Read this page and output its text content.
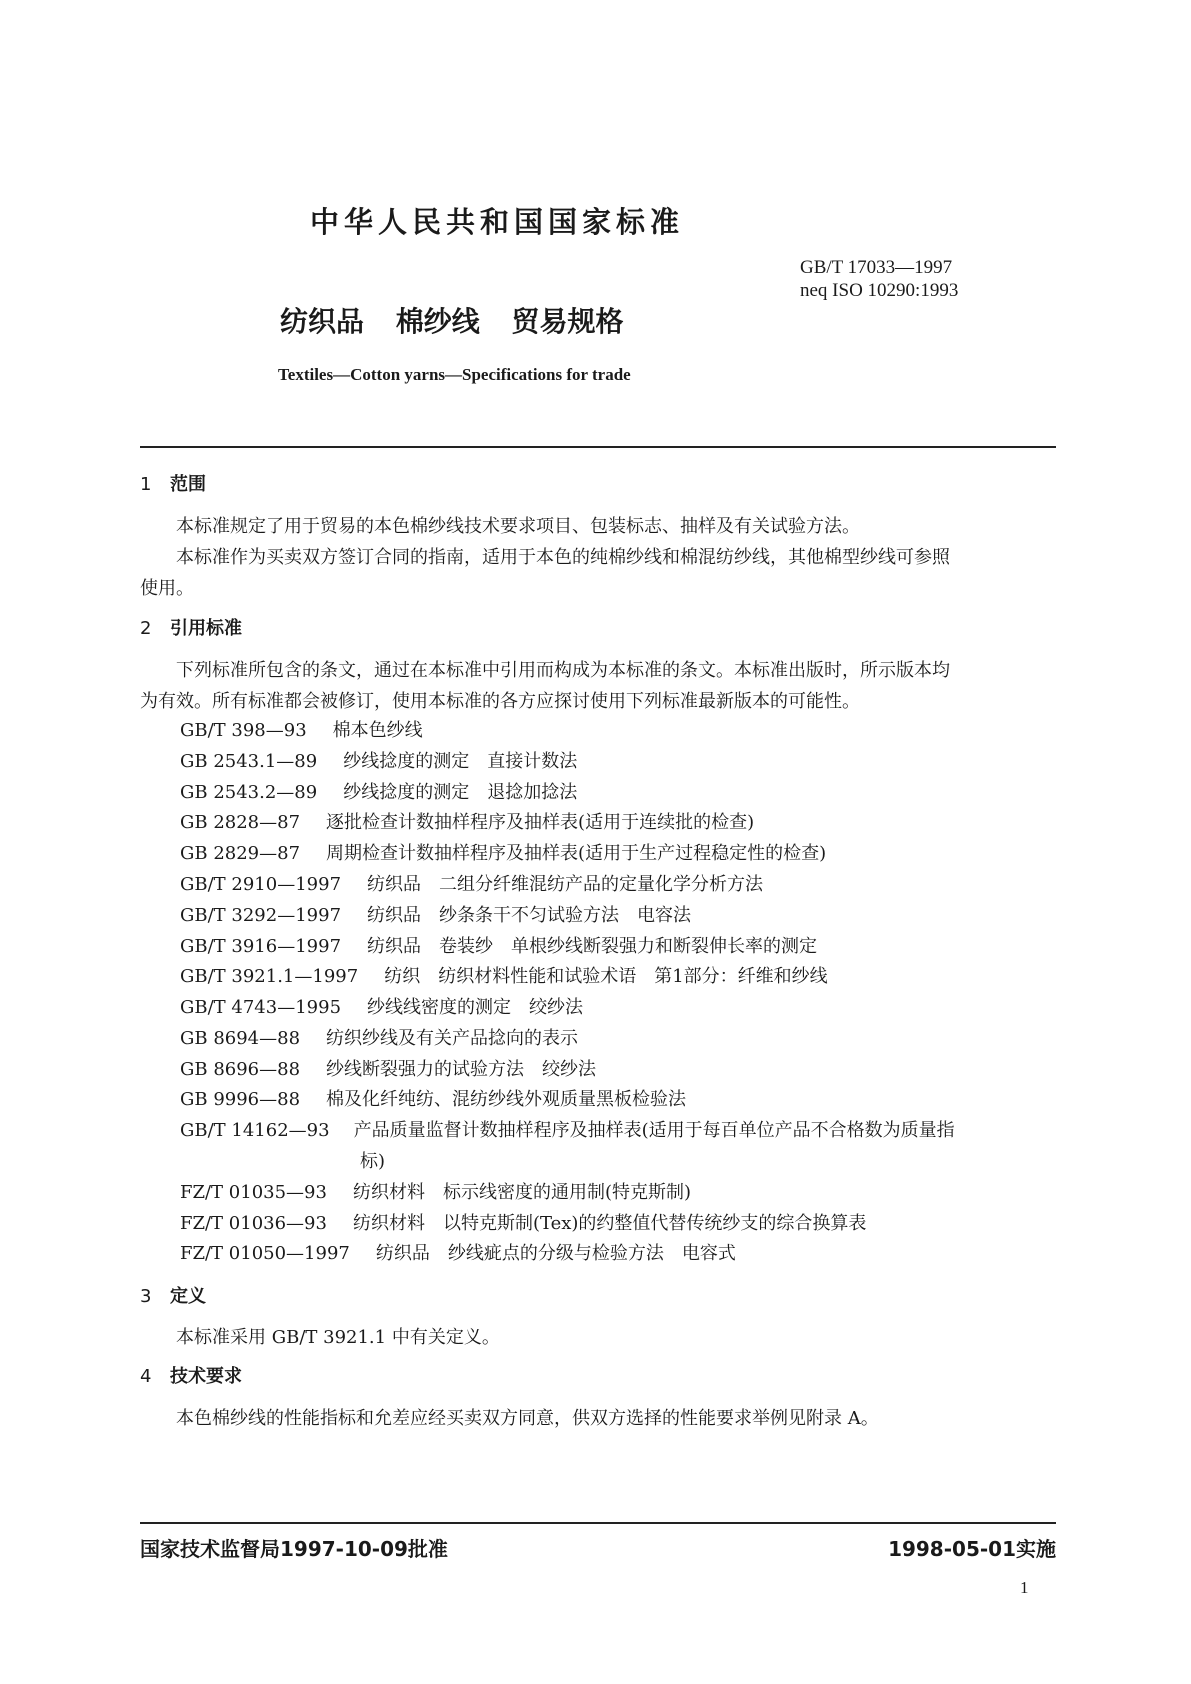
中华人民共和国国家标准
GB/T 17033—1997
neq ISO 10290:1993
纺织品 棉纱线 贸易规格
Textiles—Cotton yarns—Specifications for trade
1 范围
本标准规定了用于贸易的本色棉纱线技术要求项目、包装标志、抽样及有关试验方法。
本标准作为买卖双方签订合同的指南，适用于本色的纯棉纱线和棉混纺纱线，其他棉型纱线可参照
使用。
2 引用标准
下列标准所包含的条文，通过在本标准中引用而构成为本标准的条文。本标准出版时，所示版本均
为有效。所有标准都会被修订，使用本标准的各方应探讨使用下列标准最新版本的可能性。
GB/T 398—93 棉本色纱线
GB 2543.1—89 纱线捻度的测定　直接计数法
GB 2543.2—89 纱线捻度的测定　退捻加捻法
GB 2828—87 逐批检查计数抽样程序及抽样表(适用于连续批的检查)
GB 2829—87 周期检查计数抽样程序及抽样表(适用于生产过程稳定性的检查)
GB/T 2910—1997 纺织品　二组分纤维混纺产品的定量化学分析方法
GB/T 3292—1997 纺织品　纱条条干不匀试验方法　电容法
GB/T 3916—1997 纺织品　卷装纱　单根纱线断裂强力和断裂伸长率的测定
GB/T 3921.1—1997 纺织　纺织材料性能和试验术语　第1部分：纤维和纱线
GB/T 4743—1995 纱线线密度的测定　绞纱法
GB 8694—88 纺织纱线及有关产品捻向的表示
GB 8696—88 纱线断裂强力的试验方法　绞纱法
GB 9996—88 棉及化纤纯纺、混纺纱线外观质量黑板检验法
GB/T 14162—93 产品质量监督计数抽样程序及抽样表(适用于每百单位产品不合格数为质量指
标)
FZ/T 01035—93 纺织材料　标示线密度的通用制(特克斯制)
FZ/T 01036—93 纺织材料　以特克斯制(Tex)的约整值代替传统纱支的综合换算表
FZ/T 01050—1997 纺织品　纱线疵点的分级与检验方法　电容式
3 定义
本标准采用 GB/T 3921.1 中有关定义。
4 技术要求
本色棉纱线的性能指标和允差应经买卖双方同意，供双方选择的性能要求举例见附录 A。
国家技术监督局1997-10-09批准	1998-05-01实施
1
